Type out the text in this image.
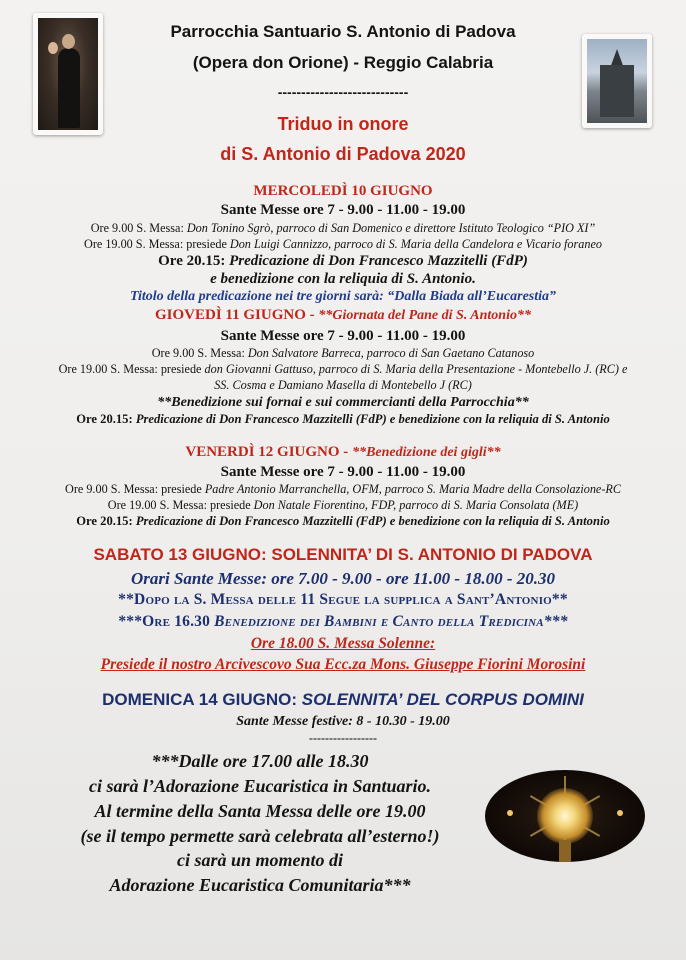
Parrocchia Santuario S. Antonio di Padova
(Opera don Orione) - Reggio Calabria
----------------------------
Triduo in onore
di S. Antonio di Padova 2020
MERCOLEDÌ 10 GIUGNO
Sante Messe ore 7 - 9.00 - 11.00 - 19.00
Ore 9.00 S. Messa: Don Tonino Sgrò, parroco di San Domenico e direttore Istituto Teologico “PIO XI”
Ore 19.00 S. Messa: presiede Don Luigi Cannizzo, parroco di S. Maria della Candelora e Vicario foraneo
Ore 20.15: Predicazione di Don Francesco Mazzitelli (FdP)
e benedizione con la reliquia di S. Antonio.
Titolo della predicazione nei tre giorni sarà: “Dalla Biada all’Eucarestia”
GIOVEDÌ 11 GIUGNO - **Giornata del Pane di S. Antonio**
Sante Messe ore 7 - 9.00 - 11.00 - 19.00
Ore 9.00 S. Messa: Don Salvatore Barreca, parroco di San Gaetano Catanoso
Ore 19.00 S. Messa: presiede don Giovanni Gattuso, parroco di S. Maria della Presentazione - Montebello J. (RC) e
SS. Cosma e Damiano Masella di Montebello J (RC)
**Benedizione sui fornai e sui commercianti della Parrocchia**
Ore 20.15: Predicazione di Don Francesco Mazzitelli (FdP) e benedizione con la reliquia di S. Antonio
VENERDÌ 12 GIUGNO - **Benedizione dei gigli**
Sante Messe ore 7 - 9.00 - 11.00 - 19.00
Ore 9.00 S. Messa: presiede Padre Antonio Marranchella, OFM, parroco S. Maria Madre della Consolazione-RC
Ore 19.00 S. Messa: presiede Don Natale Fiorentino, FDP, parroco di S. Maria Consolata (ME)
Ore 20.15: Predicazione di Don Francesco Mazzitelli (FdP) e benedizione con la reliquia di S. Antonio
SABATO 13 GIUGNO: SOLENNITA’ DI S. ANTONIO DI PADOVA
Orari Sante Messe: ore 7.00 - 9.00 - ore 11.00 - 18.00 - 20.30
**Dopo la S. Messa delle 11 Segue la supplica a Sant’Antonio**
***Ore 16.30 Benedizione dei Bambini e Canto della Tredicina***
Ore 18.00 S. Messa Solenne:
Presiede il nostro Arcivescovo Sua Ecc.za Mons. Giuseppe Fiorini Morosini
DOMENICA 14 GIUGNO: SOLENNITA’ DEL CORPUS DOMINI
Sante Messe festive: 8 - 10.30 - 19.00
-----------------
***Dalle ore 17.00 alle 18.30
ci sarà l’Adorazione Eucaristica in Santuario.
Al termine della Santa Messa delle ore 19.00
(se il tempo permette sarà celebrata all’esterno!)
ci sarà un momento di
Adorazione Eucaristica Comunitaria***
